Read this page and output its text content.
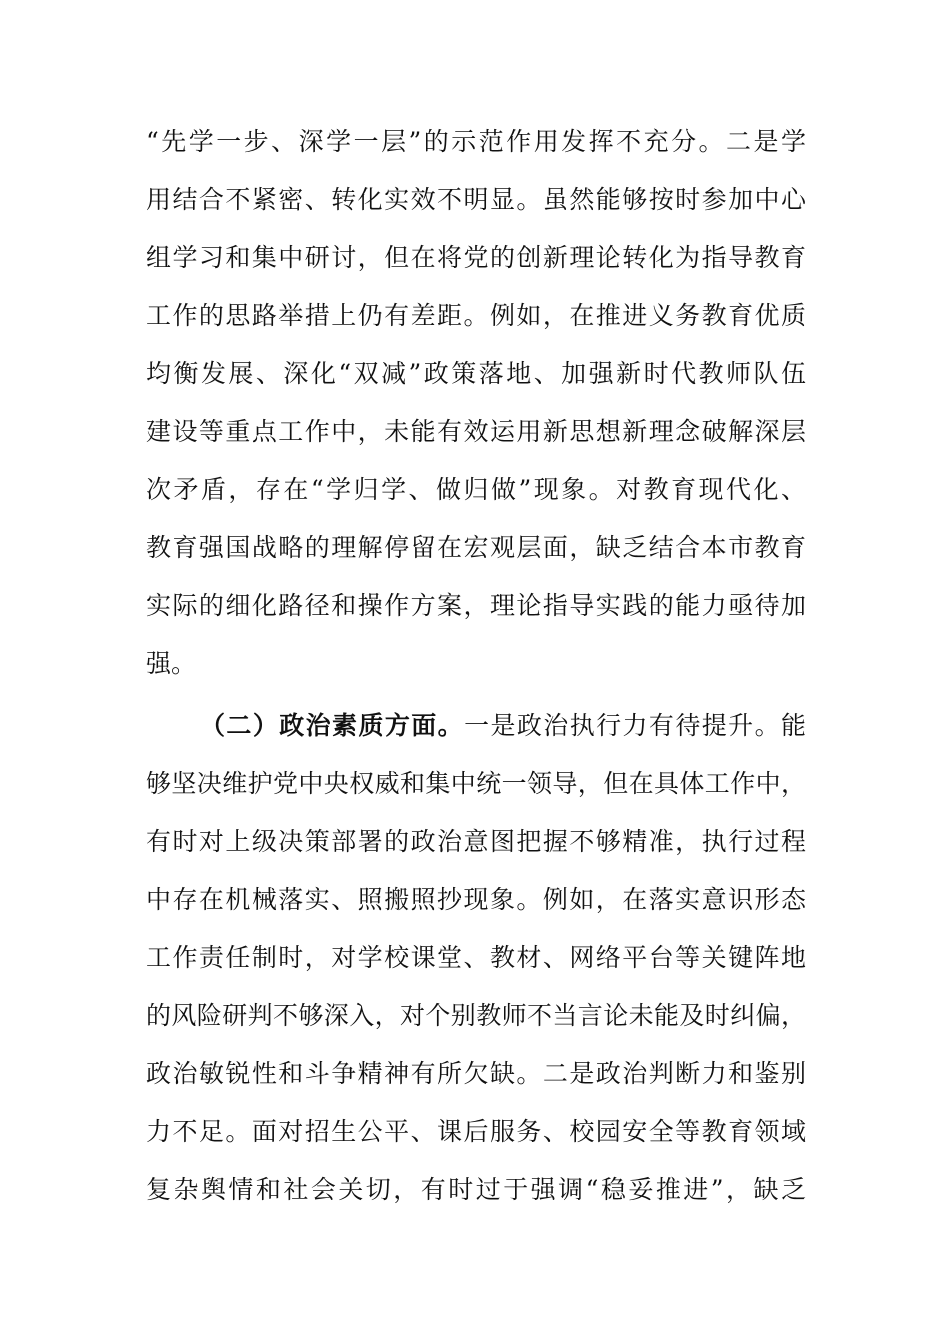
“先学一步、深学一层”的示范作用发挥不充分。二是学
用结合不紧密、转化实效不明显。虽然能够按时参加中心
组学习和集中研讨，但在将党的创新理论转化为指导教育
工作的思路举措上仍有差距。例如，在推进义务教育优质
均衡发展、深化“双减”政策落地、加强新时代教师队伍
建设等重点工作中，未能有效运用新思想新理念破解深层
次矛盾，存在“学归学、做归做”现象。对教育现代化、
教育强国战略的理解停留在宏观层面，缺乏结合本市教育
实际的细化路径和操作方案，理论指导实践的能力亟待加
强。
（二）政治素质方面。一是政治执行力有待提升。能
够坚决维护党中央权威和集中统一领导，但在具体工作中，
有时对上级决策部署的政治意图把握不够精准，执行过程
中存在机械落实、照搬照抄现象。例如，在落实意识形态
工作责任制时，对学校课堂、教材、网络平台等关键阵地
的风险研判不够深入，对个别教师不当言论未能及时纠偏，
政治敏锐性和斗争精神有所欠缺。二是政治判断力和鉴别
力不足。面对招生公平、课后服务、校园安全等教育领域
复杂舆情和社会关切，有时过于强调“稳妥推进”，缺乏
